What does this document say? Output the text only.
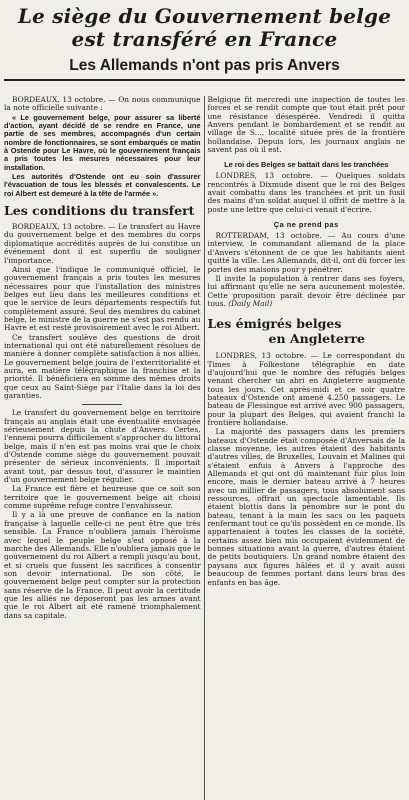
Le siège du Gouvernement belge est transféré en France
Les Allemands n'ont pas pris Anvers

BORDEAUX, 13 octobre. — On nous communique la note officielle suivante :

« Le gouvernement belge, pour assurer sa liberté d'action, ayant décidé de se rendre en France, une partie de ses membres, accompagnés d'un certain nombre de fonctionnaires, se sont embarqués ce matin à Ostende pour Le Havre, où le gouvernement français a pris toutes les mesures nécessaires pour leur installation.

Les autorités d'Ostende ont eu soin d'assurer l'évacuation de tous les blessés et convalescents. Le roi Albert est demeuré à la tête de l'armée ».

Les conditions du transfert

BORDEAUX, 13 octobre. — Le transfert au Havre du gouvernement belge et des membres du corps diplomatique accrédités auprès de lui constitue un événement dont il est superflu de souligner l'importance.

Ainsi que l'indique le communiqué officiel, le gouvernement français a pris toutes les mesures nécessaires pour que l'installation des ministres belges eut lieu dans les meilleures conditions et que le service de leurs départements respectifs fut complètement assuré. Seul des membres du cabinet belge, le ministre de la guerre ne s'est pas rendu au Havre et est resté provisoirement avec le roi Albert.

Ce transfert soulève des questions de droit international qui ont été naturellement résolues de manière à donner complète satisfaction à nos alliés. Le gouvernement belge jouira de l'exterritorialité et aura, en matière télégraphique la franchise et la priorité. Il bénéficiera en somme des mêmes droits que ceux au Saint-Siège par l'Italie dans la loi des garanties.

Le transfert du gouvernement belge en territoire français au anglais était une éventualité envisagée sérieusement depuis la chute d'Anvers. Certes, l'ennemi pourra difficilement s'approcher du littoral belge, mais il n'en est pas moins vrai que le choix d'Ostende comme siège du gouvernement pouvait présenter de sérieux inconvénients. Il importait avant tout, par dessus tout, d'assurer le maintien d'un gouvernement belge régulier.

La France est fière et heureuse que ce soit son territoire que le gouvernement belge ait choisi comme suprême refuge contre l'envahisseur.

Il y a là une preuve de confiance en la nation française à laquelle celle-ci ne peut être que très sensible. La France n'oubliera jamais l'héroïsme avec lequel le peuple belge s'est opposé à la marche des Allemands. Elle n'oubliera jamais que le gouvernement du roi Albert a rempli jusqu'au bout, et si cruels que fussent les sacrifices à consentir son devoir international. De son côté, le gouvernement belge peut compter sur la protection sans réserve de la France. Il peut avoir la certitude que les alliés ne déposeront pas les armes avant que le roi Albert ait été ramené triomphalement dans sa capitale.

Belgique fit mercredi une inspection de toutes les forces et se rendit compte que tout était prêt pour une résistance désespérée. Vendredi il quitta Anvers pendant le bombardement et se rendit au village de S..., localité située près de la frontière hollandaise. Depuis lors, les journaux anglais ne savent pas où il est.

Le roi des Belges se battait dans les tranchées

LONDRES, 13 octobre. — Quelques soldats rencontrés à Dixmude disent que le roi des Belges avait combattu dans les tranchées et prit un fusil des mains d'un soldat auquel il offrit de mettre à la poste une lettre que celui-ci venait d'écrire.

Ça ne prend pas

ROTTERDAM, 13 octobre. — Au cours d'une interview, le commandant allemand de la place d'Anvers s'étonnent de ce que les habitants aient quitté la ville. Les Allemands, dit-il, ont dû forcer les portes des maisons pour y pénétrer.

Il invite la population à rentrer dans ses foyers, lui affirmant qu'elle ne sera aucunement molestée. Cette proposition paraît devoir être déclinée par tous. (Daily Mail)

Les émigrés belges
en Angleterre

LONDRES, 13 octobre. — Le correspondant du Times à Folkestone télégraphie en date d'aujourd'hui que le nombre des réfugiés belges venant chercher un abri en Angleterre augmente tous les jours. Cet après-midi et ce soir quatre bateaux d'Ostende ont amené 4.250 passagers. Le bateau de Flessingue est arrivé avec 900 passagers, pour la plupart des Belges, qui avaient franchi la frontière hollandaise.

La majorité des passagers dans les premiers bateaux d'Ostende était composée d'Anversais de la classe moyenne, les autres étaient des habitants d'autres villes, de Bruxelles, Louvain et Malines qui s'étaient enfuis à Anvers à l'approche des Allemands et qui ont dû maintenant fuir plus loin encore, mais le dernier bateau arrivé à 7 heures avec un millier de passagers, tous absolument sans ressources, offrait un spectacle lamentable. Ils étaient blottis dans la pénombre sur le pont du bateau, tenant à la main les sacs ou les paquets renfermant tout ce qu'ils possèdent en ce monde. Ils appartenaient à toutes les classes de la société, certains assez bien mis occupaient évidemment de bonnes situations avant la guerre, d'autres étaient de petits boutiquiers. Un grand nombre étaient des paysans aux figures hâlées et il y avait aussi beaucoup de femmes portant dans leurs bras des enfants en bas âge.
